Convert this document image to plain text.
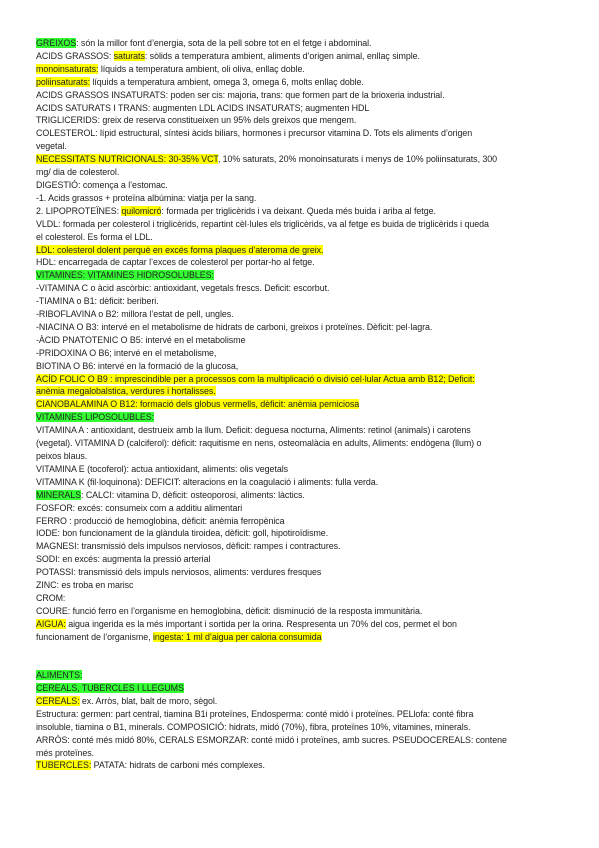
GREIXOS: són la millor font d’energia, sota de la pell sobre tot en el fetge i abdominal.
ACIDS GRASSOS: saturats: sòlids a temperatura ambient, aliments d’origen animal, enllaç simple.
monoinsaturats: líquids a temperatura ambient, oli oliva, enllaç doble.
poliinsaturats: líquids a temperatura ambient, omega 3, omega 6, molts enllaç doble.
ACIDS GRASSOS INSATURATS: poden ser cis: majoria, trans: que formen part de la brioxeria industrial.
ACIDS SATURATS I TRANS: augmenten LDL ACIDS INSATURATS; augmenten HDL
TRIGLICERIDS: greix de reserva constitueixen un 95% dels greixos que mengem.
COLESTEROL: lípid estructural, síntesi àcids biliars, hormones i precursor vitamina D. Tots els aliments d’origen
vegetal.
NECESSITATS NUTRICIONALS: 30-35% VCT, 10% saturats, 20% monoinsaturats i menys de 10% poliinsaturats, 300
mg/ dia de colesterol.
DIGESTIÓ: comença a l’estomac.
-1. Acids grassos + proteïna albúmina: viatja per la sang.
2. LIPOPROTEÏNES: quilomicró: formada per triglicèrids i va deixant. Queda més buida i ariba al fetge.
VLDL: formada per colesterol i triglicèrids, repartint cèl·lules els triglicèrids, va al fetge es buida de triglicèrids i queda
el colesterol. Es forma el LDL.
LDL: colesterol dolent perquè en excés forma plaques d’ateroma de greix.
HDL: encarregada de captar l’exces de colesterol per portar-ho al fetge.
VITAMINES: VITAMINES HIDROSOLUBLES:
-VITAMINA C o àcid ascòrbic: antioxidant, vegetals frescs. Deficit: escorbut.
-TIAMINA o B1: dèficit: beriberi.
-RIBOFLAVINA o B2: millora l’estat de pell, ungles.
-NIACINA O B3: intervé en el metabolisme de hidrats de carboni, greixos i proteïnes. Dèficit: pel·lagra.
-ÀCID PNATOTENIC O B5: intervé en el metabolisme
-PRIDOXINA O B6; intervé en el metabolisme,
BIOTINA O B6: intervé en la formació de la glucosa,
ACÍD FOLIC O B9 : imprescindible per a processos com la multiplicació o divisió cel·lular Actua amb B12; Deficit:
anèmia megalobalstica, verdures i hortalisses.
CIANOBALAMINA O B12: formació dels globus vermells, dèficit: anèmia perniciosa
VITAMINES LIPOSOLUBLES:
VITAMINA A : antioxidant, destrueix amb la llum. Deficit: deguesa nocturna, Aliments: retinol (animals) i carotens
(vegetal). VITAMINA D (calciferol): dèficit: raquitisme en nens, osteomalàcia en adults, Aliments: endògena (llum) o
peixos blaus.
VITAMINA E (tocoferol): actua antioxidant, aliments: olis vegetals
VITAMINA K (fil·loquinona): DEFICIT: alteracions en la coagulació i aliments: fulla verda.
MINERALS: CALCI: vitamina D, dèficit: osteoporosi, aliments: làctics.
FOSFOR: excés: consumeix com a additiu alimentari
FERRO : producció de hemoglobina, dèficit: anèmia ferropènica
IODE: bon funcionament de la glàndula tiroidea, dèficit: goll, hipotiroïdisme.
MAGNESI: transmissió dels impulsos nerviosos, dèficit: rampes i contractures.
SODI: en excés: augmenta la pressió arterial
POTASSI: transmissió dels impuls nerviosos, aliments: verdures fresques
ZINC: es troba en marisc
CROM:
COURE: funció ferro en l’organisme en hemoglobina, dèficit: disminució de la resposta immunitària.
AIGUA: aigua ingerida es la més important i sortida per la orina. Respresenta un 70% del cos, permet el bon
funcionament de l’organisme, ingesta: 1 ml d’aigua per caloria consumida
ALIMENTS:
CEREALS, TUBERCLES I LLEGUMS
CEREALS: ex. Arròs, blat, balt de moro, sègol.
Estructura: germen: part central, tiamina B1i proteïnes, Endosperma: conté midó i proteïnes. PELlofa: conté fibra
insoluble, tiamina o B1, minerals. COMPOSICIÓ: hidrats, midó (70%), fibra, proteïnes 10%, vitamines, minerals.
ARRÒS: conté més midó 80%, CERALS ESMORZAR: conté midó i proteïnes, amb sucres. PSEUDOCEREALS: contene
més proteïnes.
TUBERCLES: PATATA: hidrats de carboni més complexes.
